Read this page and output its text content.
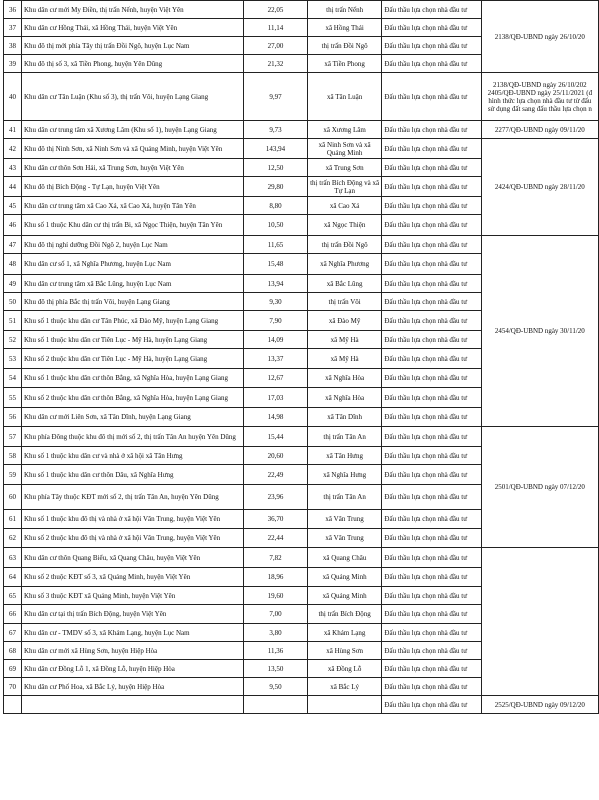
36	Khu dân cư mới My Điền, thị trấn Nếnh, huyện Việt Yên	22,05	thị trấn Nếnh	Đấu thầu lựa chọn nhà đầu tư	2138/QĐ-UBND ngày 26/10/20

37	Khu dân cư Hồng Thái, xã Hồng Thái, huyện Việt Yên	11,14	xã Hồng Thái	Đấu thầu lựa chọn nhà đầu tư	
38	Khu đô thị mới phía Tây thị trấn Đồi Ngô, huyện Lục Nam	27,00	thị trấn Đồi Ngô	Đấu thầu lựa chọn nhà đầu tư	
39	Khu đô thị số 3, xã Tiền Phong, huyện Yên Dũng	21,32	xã Tiền Phong	Đấu thầu lựa chọn nhà đầu tư	
40	Khu dân cư Tân Luận (Khu số 3), thị trấn Vôi, huyện Lạng Giang	9,97	xã Tân Luận	Đấu thầu lựa chọn nhà đầu tư	2138/QĐ-UBND ngày 26/10/202
2405/QĐ-UBND ngày 25/11/2021 (đ
hình thức lựa chọn nhà đầu tư từ đấu
sử dụng đất sang đấu thầu lựa chọn n

41	Khu dân cư trung tâm xã Xương Lâm (Khu số 1), huyện Lạng Giang	9,73	xã Xương Lâm	Đấu thầu lựa chọn nhà đầu tư	2277/QĐ-UBND ngày 09/11/20

42	Khu đô thị Ninh Sơn, xã Ninh Sơn và xã Quảng Minh, huyện Việt Yên	143,94	xã Ninh Sơn và xã Quảng Minh	Đấu thầu lựa chọn nhà đầu tư	2424/QĐ-UBND ngày 28/11/20

43	Khu dân cư thôn Sơn Hải, xã Trung Sơn, huyện Việt Yên	12,50	xã Trung Sơn	Đấu thầu lựa chọn nhà đầu tư	
44	Khu đô thị Bích Động - Tự Lạn, huyện Việt Yên	29,80	thị trấn Bích Động và xã Tự Lạn	Đấu thầu lựa chọn nhà đầu tư	
45	Khu dân cư trung tâm xã Cao Xá, xã Cao Xá, huyện Tân Yên	8,80	xã Cao Xá	Đấu thầu lựa chọn nhà đầu tư	
46	Khu số 1 thuộc Khu dân cư thị trấn Bi, xã Ngọc Thiện, huyện Tân Yên	10,50	xã Ngọc Thiện	Đấu thầu lựa chọn nhà đầu tư	
47	Khu đô thị nghỉ dưỡng Đồi Ngô 2, huyện Lục Nam	11,65	thị trấn Đồi Ngô	Đấu thầu lựa chọn nhà đầu tư	2454/QĐ-UBND ngày 30/11/20

48	Khu dân cư số 1, xã Nghĩa Phương, huyện Lục Nam	15,48	xã Nghĩa Phương	Đấu thầu lựa chọn nhà đầu tư	
49	Khu dân cư trung tâm xã Bắc Lũng, huyện Lục Nam	13,94	xã Bắc Lũng	Đấu thầu lựa chọn nhà đầu tư	
50	Khu đô thị phía Bắc thị trấn Vôi, huyện Lạng Giang	9,30	thị trấn Vôi	Đấu thầu lựa chọn nhà đầu tư	
51	Khu số 1 thuộc khu dân cư Tân Phúc, xã Đào Mỹ, huyện Lạng Giang	7,90	xã Đào Mỹ	Đấu thầu lựa chọn nhà đầu tư	
52	Khu số 1 thuộc khu dân cư Tiên Lục - Mỹ Hà, huyện Lạng Giang	14,09	xã Mỹ Hà	Đấu thầu lựa chọn nhà đầu tư	
53	Khu số 2 thuộc khu dân cư Tiên Lục - Mỹ Hà, huyện Lạng Giang	13,37	xã Mỹ Hà	Đấu thầu lựa chọn nhà đầu tư	
54	Khu số 1 thuộc khu dân cư thôn Bằng, xã Nghĩa Hòa, huyện Lạng Giang	12,67	xã Nghĩa Hòa	Đấu thầu lựa chọn nhà đầu tư	
55	Khu số 2 thuộc khu dân cư thôn Bằng, xã Nghĩa Hòa, huyện Lạng Giang	17,03	xã Nghĩa Hòa	Đấu thầu lựa chọn nhà đầu tư	
56	Khu dân cư mới Liên Sơn, xã Tân Dĩnh, huyện Lạng Giang	14,98	xã Tân Dĩnh	Đấu thầu lựa chọn nhà đầu tư	
57	Khu phía Đông thuộc khu đô thị mới số 2, thị trấn Tân An huyện Yên Dũng	15,44	thị trấn Tân An	Đấu thầu lựa chọn nhà đầu tư	2501/QĐ-UBND ngày 07/12/20

58	Khu số 1 thuộc khu dân cư và nhà ở xã hội xã Tân Hưng	20,60	xã Tân Hưng	Đấu thầu lựa chọn nhà đầu tư	
59	Khu số 1 thuộc khu dân cư thôn Dâu, xã Nghĩa Hưng	22,49	xã Nghĩa Hưng	Đấu thầu lựa chọn nhà đầu tư	
60	Khu phía Tây thuộc KĐT mới số 2, thị trấn Tân An, huyện Yên Dũng	23,96	thị trấn Tân An	Đấu thầu lựa chọn nhà đầu tư	
61	Khu số 1 thuộc khu đô thị và nhà ở xã hội Vân Trung, huyện Việt Yên	36,70	xã Vân Trung	Đấu thầu lựa chọn nhà đầu tư	
62	Khu số 2 thuộc khu đô thị và nhà ở xã hội Vân Trung, huyện Việt Yên	22,44	xã Vân Trung	Đấu thầu lựa chọn nhà đầu tư	
63	Khu dân cư thôn Quang Biểu, xã Quang Châu, huyện Việt Yên	7,82	xã Quang Châu	Đấu thầu lựa chọn nhà đầu tư	

64	Khu số 2 thuộc KĐT số 3, xã Quảng Minh, huyện Việt Yên	18,96	xã Quảng Minh	Đấu thầu lựa chọn nhà đầu tư	
65	Khu số 3 thuộc KĐT xã Quảng Minh, huyện Việt Yên	19,60	xã Quảng Minh	Đấu thầu lựa chọn nhà đầu tư	
66	Khu dân cư tại thị trấn Bích Động, huyện Việt Yên	7,00	thị trấn Bích Động	Đấu thầu lựa chọn nhà đầu tư	
67	Khu dân cư - TMDV số 3, xã Khám Lạng, huyện Lục Nam	3,80	xã Khám Lạng	Đấu thầu lựa chọn nhà đầu tư	
68	Khu dân cư mới xã Hùng Sơn, huyện Hiệp Hòa	11,36	xã Hùng Sơn	Đấu thầu lựa chọn nhà đầu tư	
69	Khu dân cư Đồng Lỗ 1, xã Đồng Lỗ, huyện Hiệp Hòa	13,50	xã Đồng Lỗ	Đấu thầu lựa chọn nhà đầu tư	
70	Khu dân cư Phố Hoa, xã Bắc Lý, huyện Hiệp Hòa	9,50	xã Bắc Lý	Đấu thầu lựa chọn nhà đầu tư	
				Đấu thầu lựa chọn nhà đầu tư	2525/QĐ-UBND ngày 09/12/20
